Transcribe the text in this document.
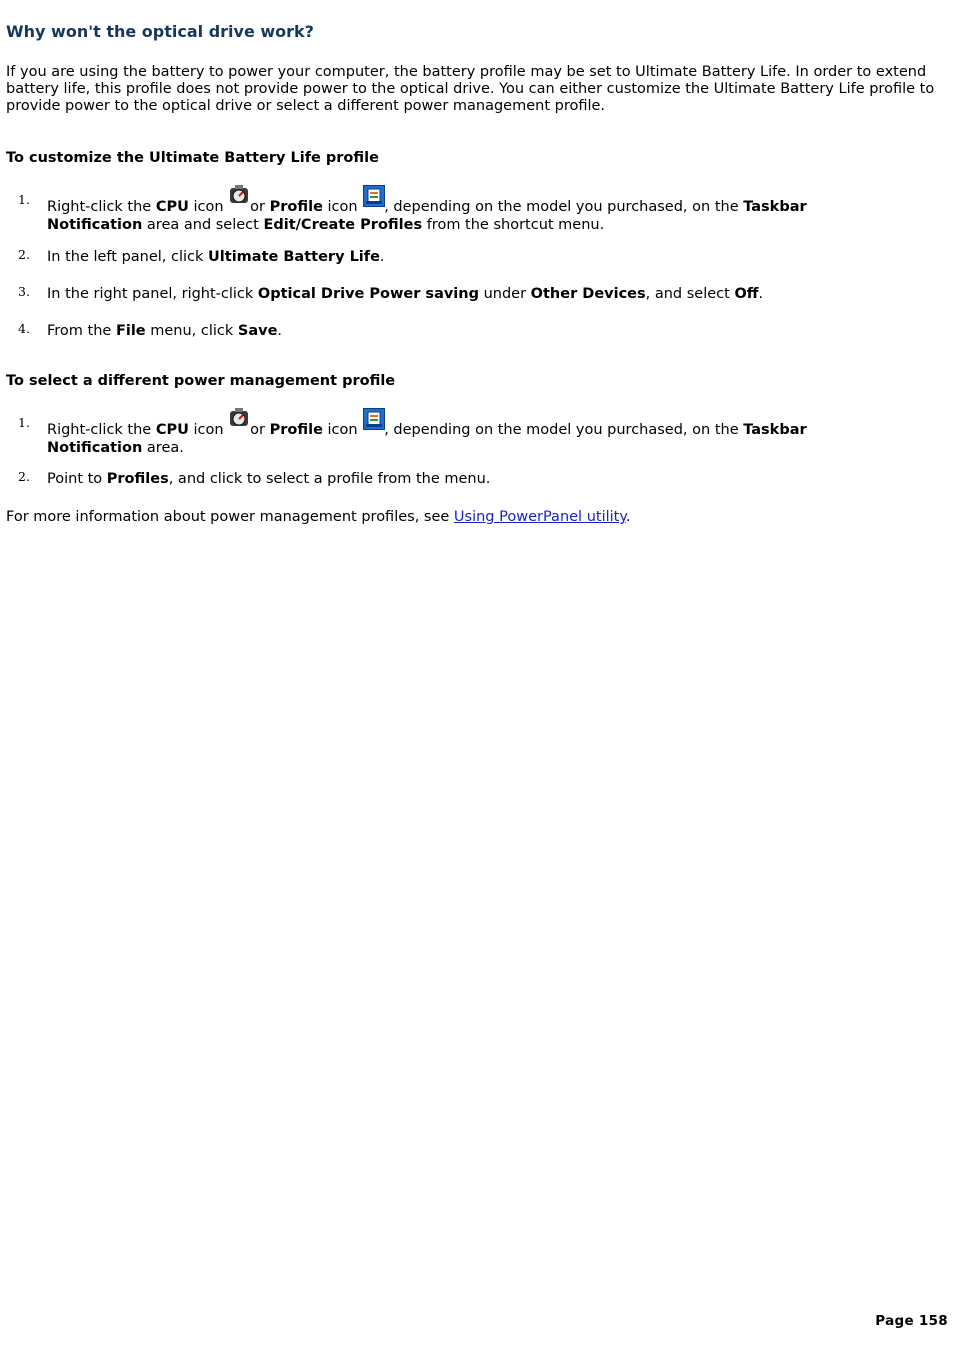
Why won't the optical drive work?

If you are using the battery to power your computer, the battery profile may be set to Ultimate Battery Life. In order to extend battery life, this profile does not provide power to the optical drive. You can either customize the Ultimate Battery Life profile to provide power to the optical drive or select a different power management profile.

To customize the Ultimate Battery Life profile
1. Right-click the CPU icon
or Profile icon
, depending on the model you purchased, on the Taskbar Notification area and select Edit/Create Profiles from the shortcut menu.
2. In the left panel, click Ultimate Battery Life.
3. In the right panel, right-click Optical Drive Power saving under Other Devices, and select Off.
4. From the File menu, click Save.
To select a different power management profile
1. Right-click the CPU icon
or Profile icon
, depending on the model you purchased, on the Taskbar Notification area.
2. Point to Profiles, and click to select a profile from the menu.

For more information about power management profiles, see Using PowerPanel utility.

Page 158
